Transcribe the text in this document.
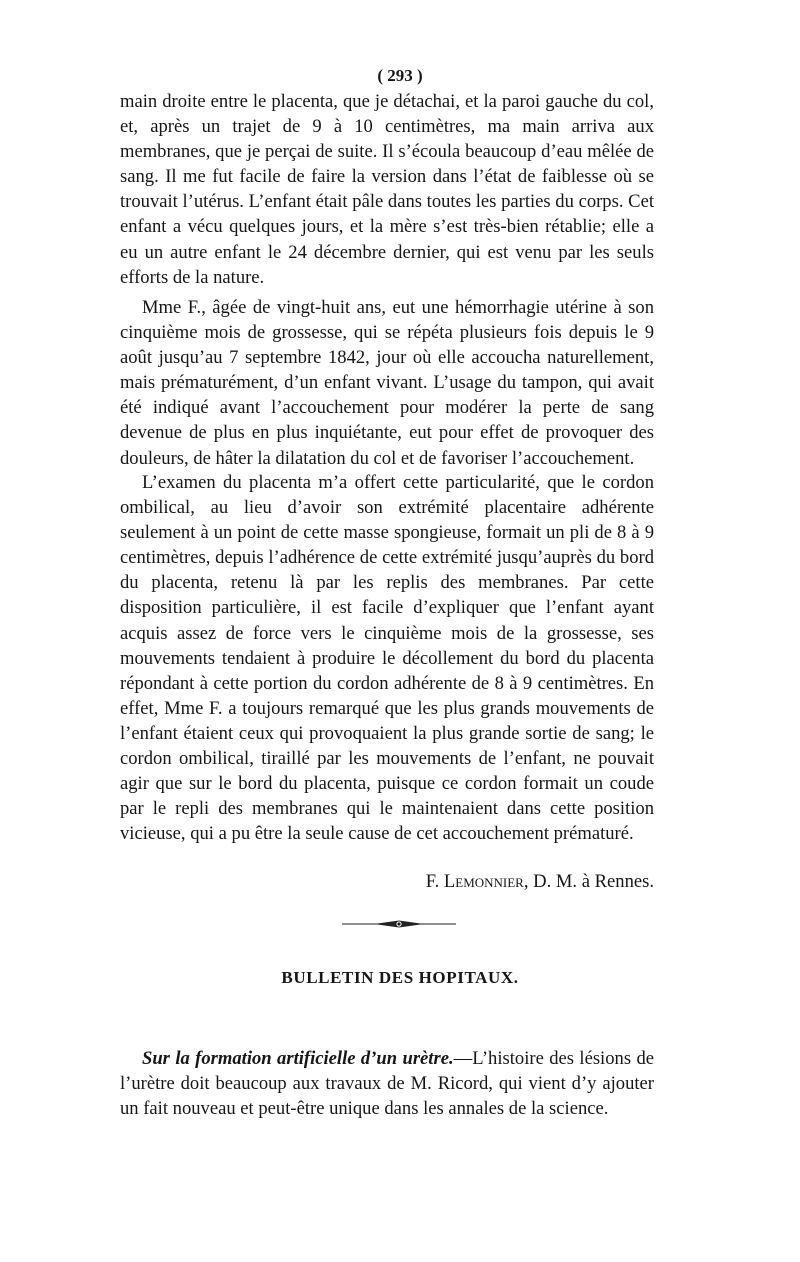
( 293 )

main droite entre le placenta, que je détachai, et la paroi gauche du col, et, après un trajet de 9 à 10 centimètres, ma main arriva aux membranes, que je perçai de suite. Il s’écoula beaucoup d’eau mêlée de sang. Il me fut facile de faire la version dans l’état de faiblesse où se trouvait l’utérus. L’enfant était pâle dans toutes les parties du corps. Cet enfant a vécu quelques jours, et la mère s’est très-bien rétablie; elle a eu un autre enfant le 24 décembre dernier, qui est venu par les seuls efforts de la nature.

Mme F., âgée de vingt-huit ans, eut une hémorrhagie utérine à son cinquième mois de grossesse, qui se répéta plusieurs fois depuis le 9 août jusqu’au 7 septembre 1842, jour où elle accoucha naturellement, mais prématurément, d’un enfant vivant. L’usage du tampon, qui avait été indiqué avant l’accouchement pour modérer la perte de sang devenue de plus en plus inquiétante, eut pour effet de provoquer des douleurs, de hâter la dilatation du col et de favoriser l’accouchement.

L’examen du placenta m’a offert cette particularité, que le cordon ombilical, au lieu d’avoir son extrémité placentaire adhérente seulement à un point de cette masse spongieuse, formait un pli de 8 à 9 centimètres, depuis l’adhérence de cette extrémité jusqu’auprès du bord du placenta, retenu là par les replis des membranes. Par cette disposition particulière, il est facile d’expliquer que l’enfant ayant acquis assez de force vers le cinquième mois de la grossesse, ses mouvements tendaient à produire le décollement du bord du placenta répondant à cette portion du cordon adhérente de 8 à 9 centimètres. En effet, Mme F. a toujours remarqué que les plus grands mouvements de l’enfant étaient ceux qui provoquaient la plus grande sortie de sang; le cordon ombilical, tiraillé par les mouvements de l’enfant, ne pouvait agir que sur le bord du placenta, puisque ce cordon formait un coude par le repli des membranes qui le maintenaient dans cette position vicieuse, qui a pu être la seule cause de cet accouchement prématuré.

F. Lemonnier, D. M. à Rennes.
BULLETIN DES HOPITAUX.

Sur la formation artificielle d’un urètre.—L’histoire des lésions de l’urètre doit beaucoup aux travaux de M. Ricord, qui vient d’y ajouter un fait nouveau et peut-être unique dans les annales de la science.
